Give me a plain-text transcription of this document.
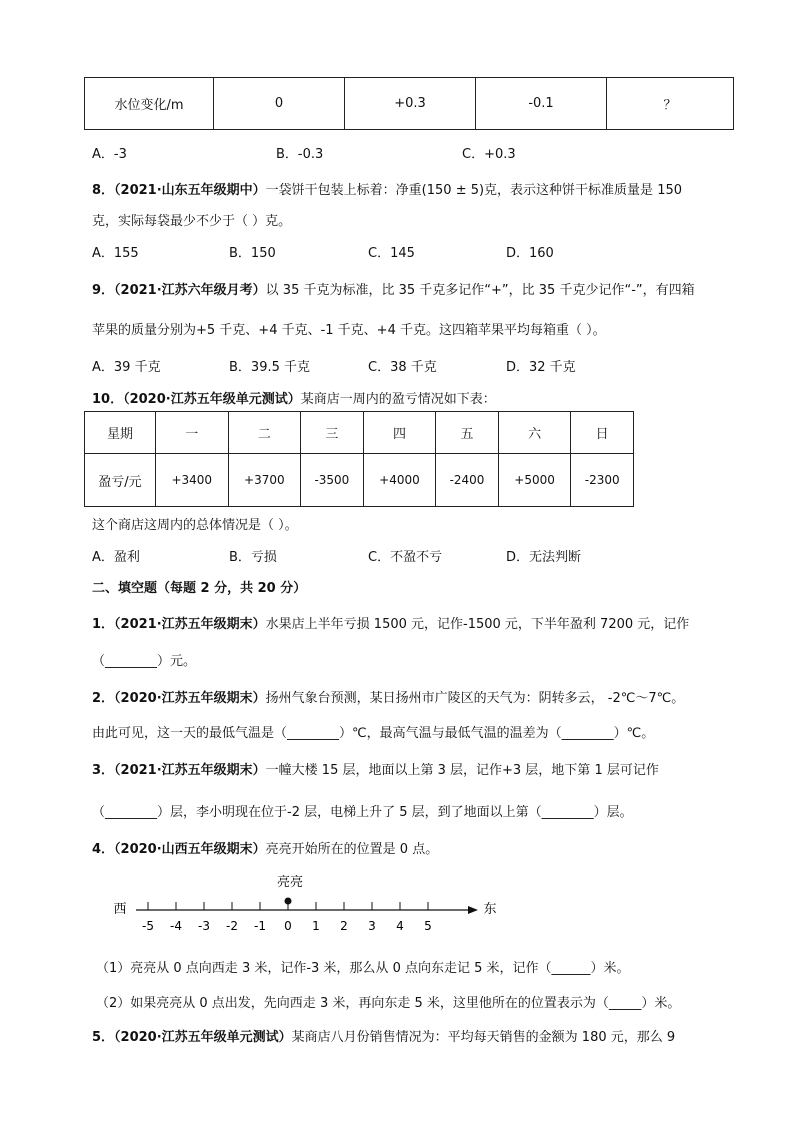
水位变化/m	0	+0.3	-0.1	？
A．-3	B．-0.3	C．+0.3
8．（2021·山东五年级期中）一袋饼干包装上标着：净重(150 ± 5)克，表示这种饼干标准质量是 150
克，实际每袋最少不少于（ ）克。
A．155	B．150	C．145	D．160
9．（2021·江苏六年级月考）以 35 千克为标准，比 35 千克多记作“+”，比 35 千克少记作“-”，有四箱
苹果的质量分别为+5 千克、+4 千克、-1 千克、+4 千克。这四箱苹果平均每箱重（ ）。
A．39 千克	B．39.5 千克	C．38 千克	D．32 千克
10．（2020·江苏五年级单元测试）某商店一周内的盈亏情况如下表：
星期	一	二	三	四	五	六	日
盈亏/元	+3400	+3700	-3500	+4000	-2400	+5000	-2300
这个商店这周内的总体情况是（ ）。
A．盈利	B．亏损	C．不盈不亏	D．无法判断
二、填空题（每题 2 分，共 20 分）
1．（2021·江苏五年级期末）水果店上半年亏损 1500 元，记作-1500 元，下半年盈利 7200 元，记作
（________）元。
2．（2020·江苏五年级期末）扬州气象台预测，某日扬州市广陵区的天气为：阴转多云， -2℃～7℃。
由此可见，这一天的最低气温是（________）℃，最高气温与最低气温的温差为（________）℃。
3．（2021·江苏五年级期末）一幢大楼 15 层，地面以上第 3 层，记作+3 层，地下第 1 层可记作
（________）层，李小明现在位于-2 层，电梯上升了 5 层，到了地面以上第（________）层。
4．（2020·山西五年级期末）亮亮开始所在的位置是 0 点。
亮亮
西	东
-5 -4 -3 -2 -1 0 1 2 3 4 5
（1）亮亮从 0 点向西走 3 米，记作-3 米，那么从 0 点向东走记 5 米，记作（______）米。
（2）如果亮亮从 0 点出发，先向西走 3 米，再向东走 5 米，这里他所在的位置表示为（_____）米。
5．（2020·江苏五年级单元测试）某商店八月份销售情况为：平均每天销售的金额为 180 元，那么 9
